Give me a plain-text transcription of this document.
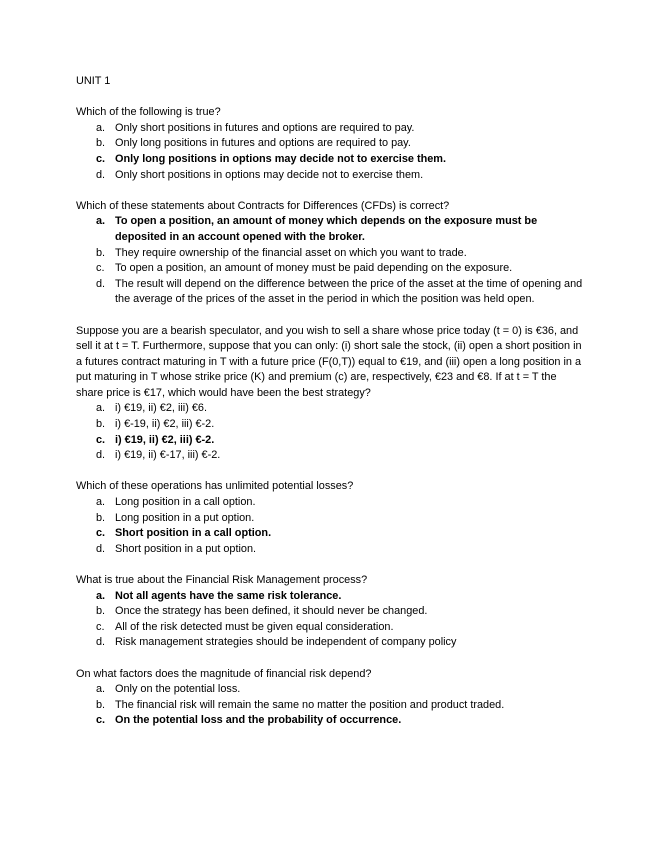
UNIT 1

Which of the following is true?

a. Only short positions in futures and options are required to pay.
b. Only long positions in futures and options are required to pay.
c. Only long positions in options may decide not to exercise them.
d. Only short positions in options may decide not to exercise them.

Which of these statements about Contracts for Differences (CFDs) is correct?

a. To open a position, an amount of money which depends on the exposure must be deposited in an account opened with the broker.
b. They require ownership of the financial asset on which you want to trade.
c. To open a position, an amount of money must be paid depending on the exposure.
d. The result will depend on the difference between the price of the asset at the time of opening and the average of the prices of the asset in the period in which the position was held open.

Suppose you are a bearish speculator, and you wish to sell a share whose price today (t = 0) is €36, and sell it at t = T. Furthermore, suppose that you can only: (i) short sale the stock, (ii) open a short position in a futures contract maturing in T with a future price (F(0,T)) equal to €19, and (iii) open a long position in a put maturing in T whose strike price (K) and premium (c) are, respectively, €23 and €8. If at t = T the share price is €17, which would have been the best strategy?

a. i) €19, ii) €2, iii) €6.
b. i) €-19, ii) €2, iii) €-2.
c. i) €19, ii) €2, iii) €-2.
d. i) €19, ii) €-17, iii) €-2.

Which of these operations has unlimited potential losses?

a. Long position in a call option.
b. Long position in a put option.
c. Short position in a call option.
d. Short position in a put option.

What is true about the Financial Risk Management process?

a. Not all agents have the same risk tolerance.
b. Once the strategy has been defined, it should never be changed.
c. All of the risk detected must be given equal consideration.
d. Risk management strategies should be independent of company policy

On what factors does the magnitude of financial risk depend?

a. Only on the potential loss.
b. The financial risk will remain the same no matter the position and product traded.
c. On the potential loss and the probability of occurrence.
